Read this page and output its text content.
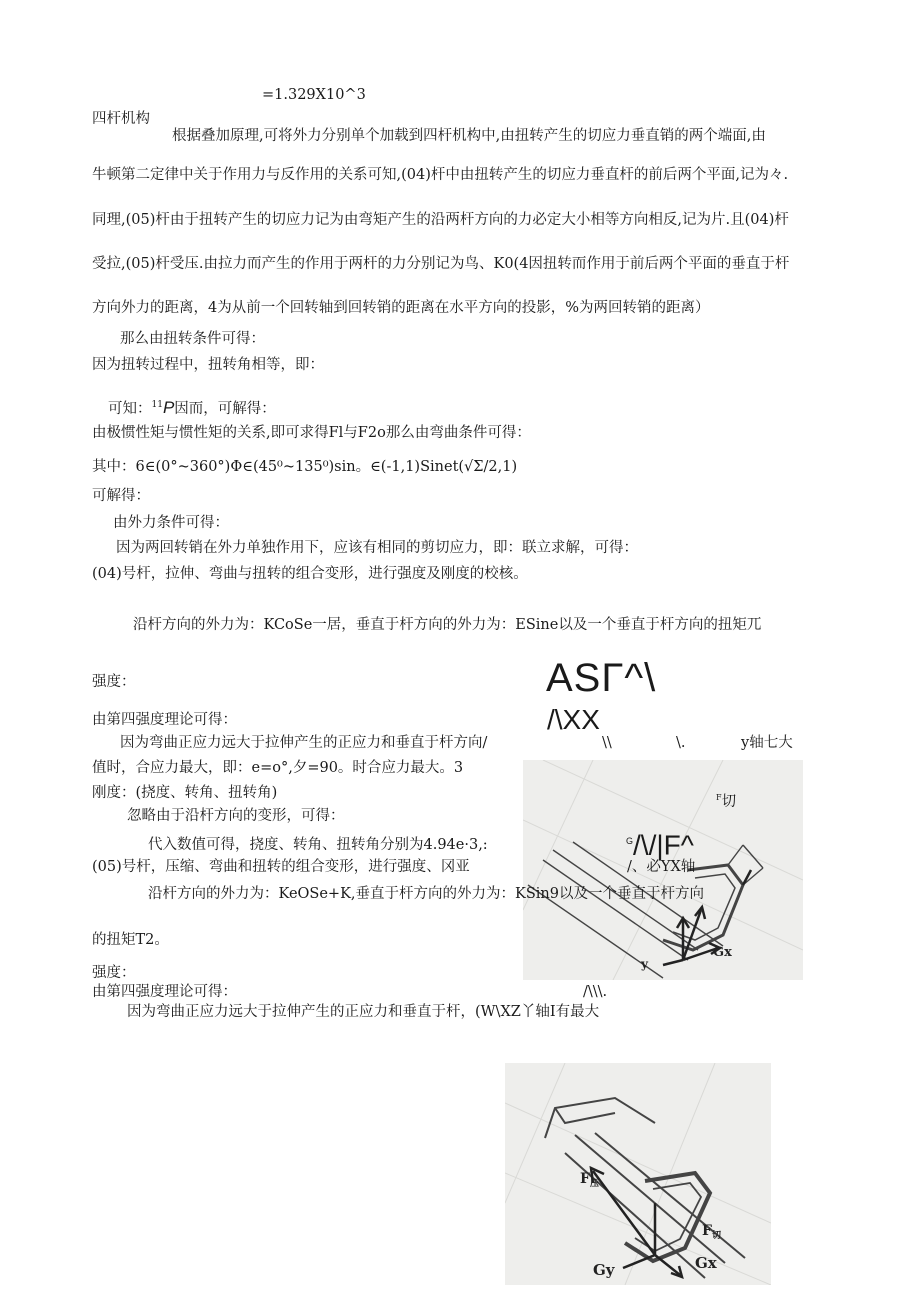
=1.329X10^3
四杆机构
根据叠加原理,可将外力分别单个加载到四杆机构中,由扭转产生的切应力垂直销的两个端面,由
牛顿第二定律中关于作用力与反作用的关系可知,(04)杆中由扭转产生的切应力垂直杆的前后两个平面,记为々.
同理,(05)杆由于扭转产生的切应力记为由弯矩产生的沿两杆方向的力必定大小相等方向相反,记为片.且(04)杆
受拉,(05)杆受压.由拉力而产生的作用于两杆的力分别记为鸟、K0(4因扭转而作用于前后两个平面的垂直于杆
方向外力的距离，4为从前一个回转轴到回转销的距离在水平方向的投影，%为两回转销的距离）
那么由扭转条件可得：
因为扭转过程中，扭转角相等，即：
可知：$^{11}$P因而，可解得：
由极惯性矩与惯性矩的关系,即可求得Fl与F2o那么由弯曲条件可得：
其中：6∈(0°~360°)Φ∈(45⁰~135⁰)sin。∈(-1,1)Sinet(√Σ/2,1)
可解得：
由外力条件可得：
因为两回转销在外力单独作用下，应该有相同的剪切应力，即：联立求解，可得：
(04)号杆，拉伸、弯曲与扭转的组合变形，进行强度及刚度的校核。
沿杆方向的外力为：KCoSe一居，垂直于杆方向的外力为：ESine以及一个垂直于杆方向的扭矩兀
强度：	ASΓ^\
/\XX
由第四强度理论可得：
因为弯曲正应力远大于拉伸产生的正应力和垂直于杆方向/	\\	\.	y轴七大
值时，合应力最大，即：e=o°,夕=90。时合应力最大。3
刚度：(挠度、转角、扭转角)
Gx
y
$^F$切
忽略由于沿杆方向的变形，可得：
代入数值可得，挠度、转角、扭转角分别为4.94e·3,:	$^G$/\/|F^
(05)号杆，压缩、弯曲和扭转的组合变形，进行强度、冈亚	/、必YX轴
沿杆方向的外力为：KeOSe+K,垂直于杆方向的外力为：KSin9以及一个垂直于杆方向
的扭矩T2。
强度：
由第四强度理论可得：	/\\\.
因为弯曲正应力远大于拉伸产生的正应力和垂直于杆，(W\XZ丫轴I有最大
$F_压$
$F_切$
Gy	Gx
